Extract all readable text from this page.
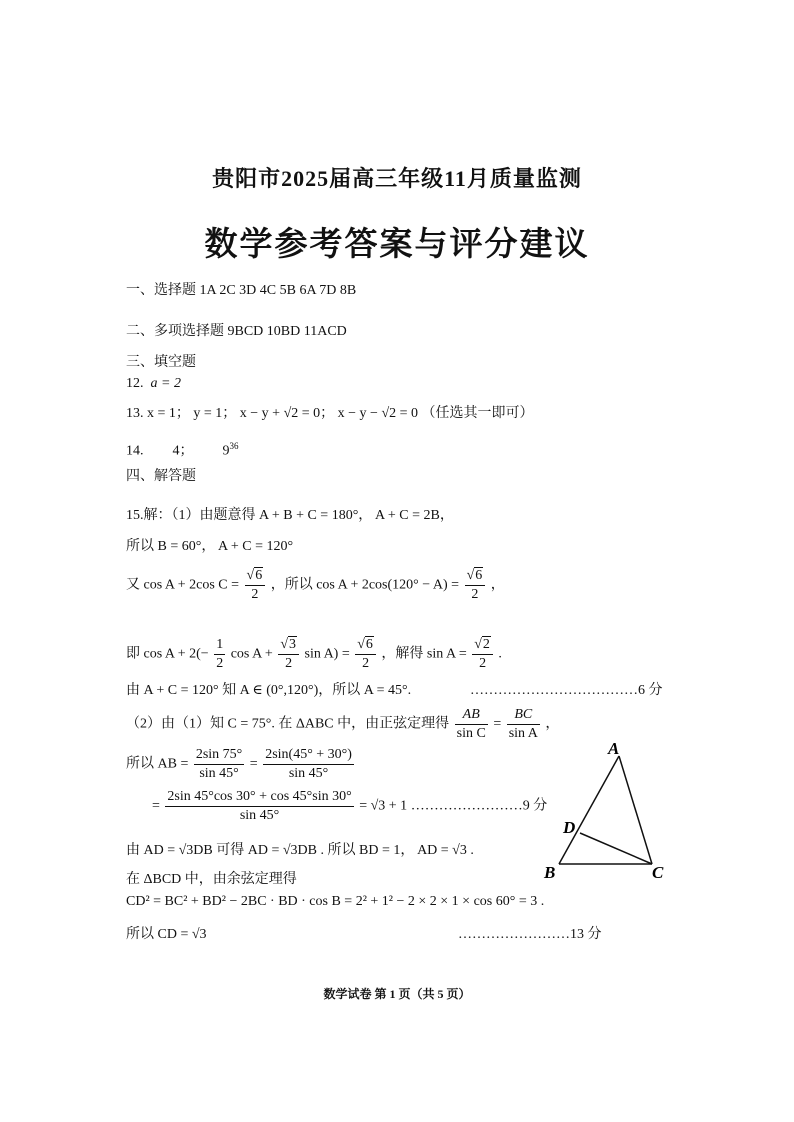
贵阳市2025届高三年级11月质量监测
数学参考答案与评分建议
一、选择题 1A 2C 3D 4C 5B 6A 7D 8B
二、多项选择题 9BCD 10BD 11ACD
三、填空题
12. a = 2
13. x = 1； y = 1； x − y + √2 = 0； x − y − √2 = 0 （任选其一即可）
14. 4； $9^{36}$
四、解答题
15.解：（1）由题意得 A + B + C = 180°， A + C = 2B，
所以 B = 60°， A + C = 120°
又 cos A + 2cos $C = \frac{√6}{2}$ ，所以 $\cos A + 2\cos(120^\circ - A) = \frac{√6}{2}$ ，
即 $\cos A + 2(- \frac{1}{2}$ $\cos A + \frac{√3}{2}$ $\sin A) = \frac{√6}{2}$ ，解得 $\sin A = \frac{√2}{2}$ .
由 A + C = 120° 知 A ∈ (0°,120°)，所以 A = 45°.	………………………………6 分
（2）由（1）知 C = 75°. 在 ΔABC 中，由正弦定理得 $\frac{AB}{\text{sin C}} = \frac{BC}{\text{sin A}}$ ，
所以 AB = $\frac{2\sin 75^\circ}{\sin 45^\circ} = \frac{2\sin(45^\circ + 30^\circ)}{\sin 45^\circ}$
= $\frac{2\sin 45^\circ\cos 30^\circ + \cos 45^\circ\sin 30^\circ}{\sin 45^\circ} = √3 + 1$ ……………………9 分
由 AD = √3DB 可得 AD = √3DB . 所以 BD = 1， AD = √3 .
在 ΔBCD 中，由余弦定理得
CD² = BC² + BD² − 2BC · BD · cos B = 2² + 1² − 2 × 2 × 1 × cos 60° = 3 .
所以 CD = √3	……………………13 分
A
D
B	C
数学试卷 第 1 页（共 5 页）
